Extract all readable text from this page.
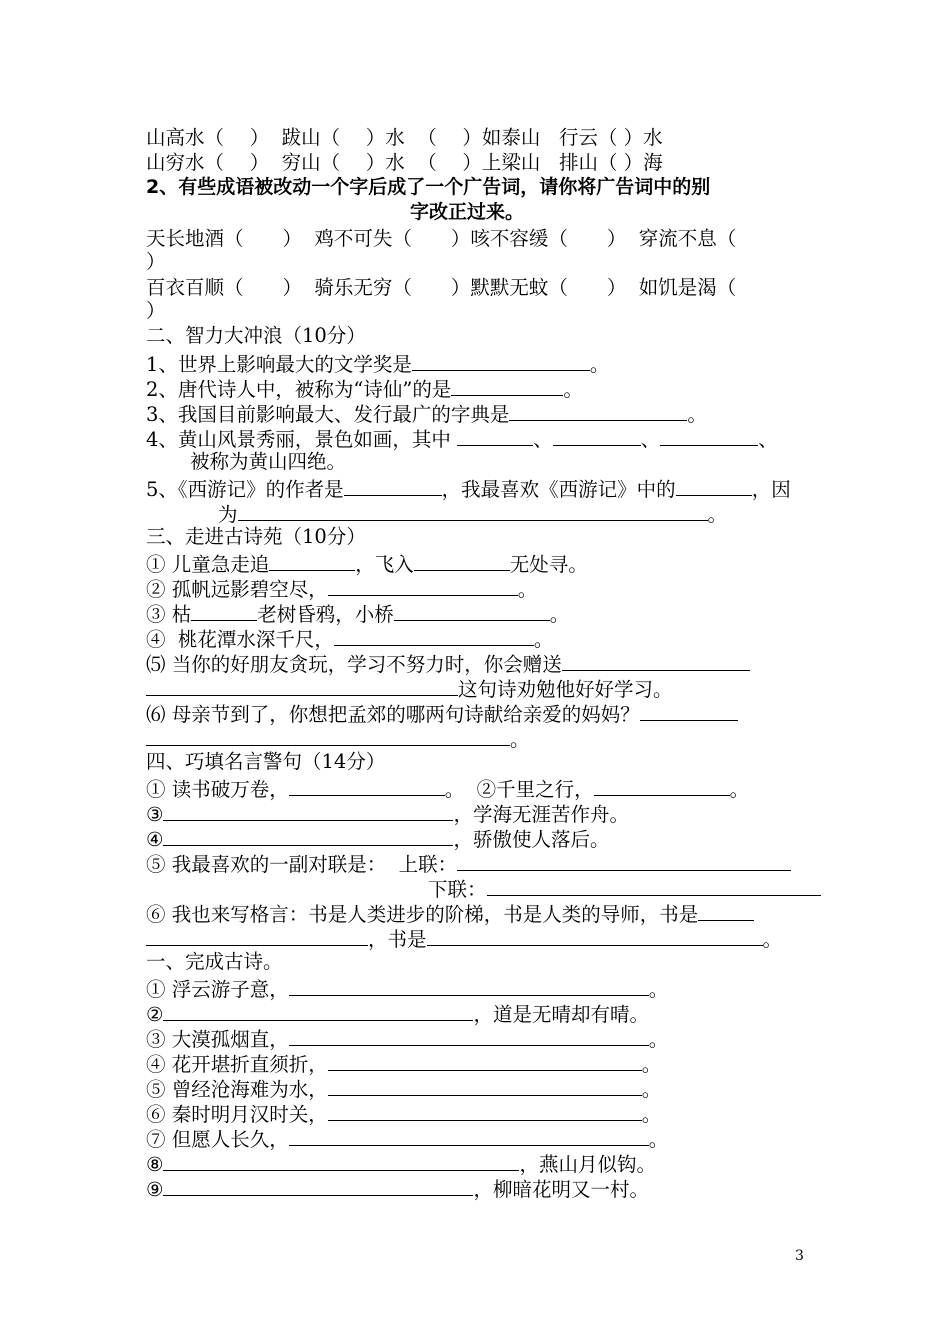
山高水（　 ）  跋山（　 ）水  （　 ）如泰山   行云（ ）水
山穷水（　 ）  穷山（　 ）水  （　 ）上梁山   排山（ ）海
2、有些成语被改动一个字后成了一个广告词，请你将广告词中的别
字改正过来。
天长地酒（　　）  鸡不可失（　　）咳不容缓（　　）  穿流不息（
）
百衣百顺（　　）  骑乐无穷（　　）默默无蚊（　　）  如饥是渴（
）
二、智力大冲浪（10分）
1、世界上影响最大的文学奖是	。
2、唐代诗人中，被称为“诗仙”的是	。
3、我国目前影响最大、发行最广的字典是	。
4、黄山风景秀丽，景色如画，其中	、	、	、
被称为黄山四绝。
5、《西游记》的作者是	，我最喜欢《西游记》中的	，因
为	。
三、走进古诗苑（10分）
① 儿童急走追	，飞入	无处寻。
② 孤帆远影碧空尽，	。
③ 枯	老树昏鸦，小桥	。
④  桃花潭水深千尺，	。
⑸ 当你的好朋友贪玩，学习不努力时，你会赠送
这句诗劝勉他好好学习。
⑹ 母亲节到了，你想把孟郊的哪两句诗献给亲爱的妈妈？
。
四、巧填名言警句（14分）
① 读书破万卷，	。  ②千里之行，	。
③	，学海无涯苦作舟。
④	，骄傲使人落后。
⑤ 我最喜欢的一副对联是：  上联：
下联：
⑥ 我也来写格言：书是人类进步的阶梯，书是人类的导师，书是
，书是	。
一、完成古诗。
① 浮云游子意，	。
②	，道是无晴却有晴。
③ 大漠孤烟直，	。
④ 花开堪折直须折，	。
⑤ 曾经沧海难为水，	。
⑥ 秦时明月汉时关，	。
⑦ 但愿人长久，	。
⑧	，燕山月似钩。
⑨	，柳暗花明又一村。
3
